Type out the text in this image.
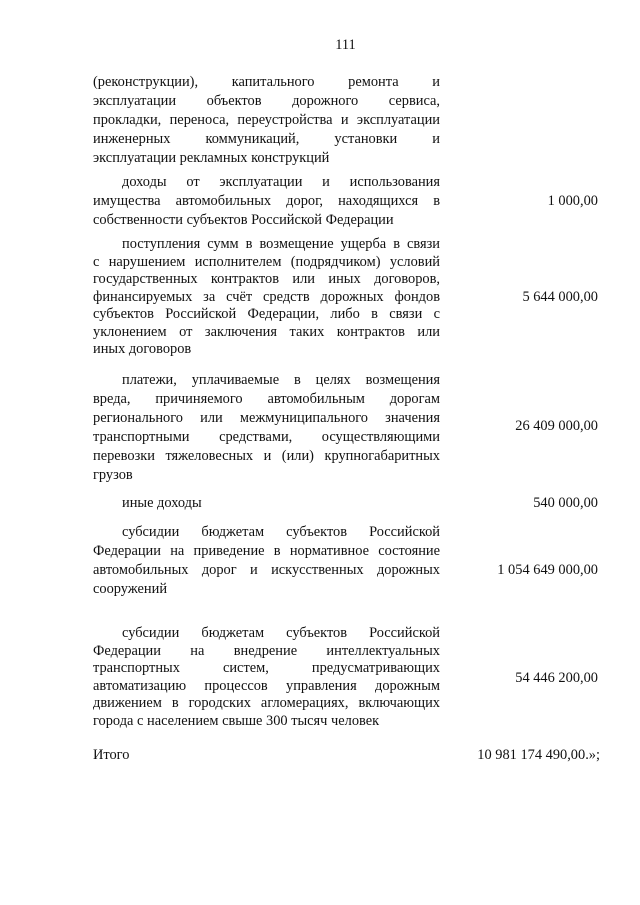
111
(реконструкции), капитального ремонта и
эксплуатации объектов дорожного сервиса,
прокладки, переноса, переустройства и эксплуатации
инженерных коммуникаций, установки и
эксплуатации рекламных конструкций
доходы от эксплуатации и использования
имущества автомобильных дорог, находящихся в
собственности субъектов Российской Федерации
1 000,00
поступления сумм в возмещение ущерба в связи
с нарушением исполнителем (подрядчиком) условий
государственных контрактов или иных договоров,
финансируемых за счёт средств дорожных фондов
субъектов Российской Федерации, либо в связи с
уклонением от заключения таких контрактов или
иных договоров
5 644 000,00
платежи, уплачиваемые в целях возмещения
вреда, причиняемого автомобильным дорогам
регионального или межмуниципального значения
транспортными средствами, осуществляющими
перевозки тяжеловесных и (или) крупногабаритных
грузов
26 409 000,00
иные доходы	540 000,00
субсидии бюджетам субъектов Российской
Федерации на приведение в нормативное состояние
автомобильных дорог и искусственных дорожных
сооружений
1 054 649 000,00
субсидии бюджетам субъектов Российской
Федерации на внедрение интеллектуальных
транспортных систем, предусматривающих
автоматизацию процессов управления дорожным
движением в городских агломерациях, включающих
города с населением свыше 300 тысяч человек
54 446 200,00
Итого	10 981 174 490,00.»;
